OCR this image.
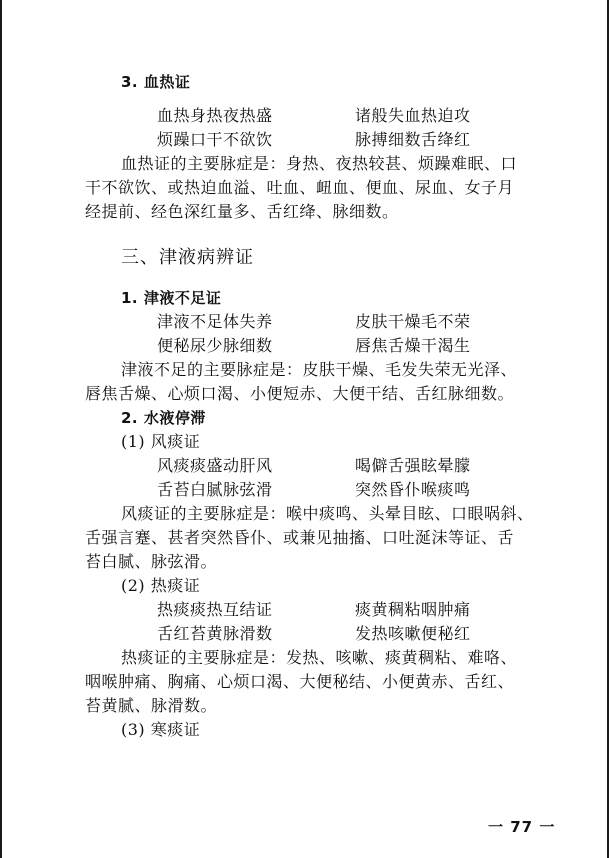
3. 血热证
血热身热夜热盛	诸般失血热迫攻
烦躁口干不欲饮	脉搏细数舌绛红
血热证的主要脉症是：身热、夜热较甚、烦躁难眠、口
干不欲饮、或热迫血溢、吐血、衄血、便血、尿血、女子月
经提前、经色深红量多、舌红绛、脉细数。
三、津液病辨证
1. 津液不足证
津液不足体失养	皮肤干燥毛不荣
便秘尿少脉细数	唇焦舌燥干渴生
津液不足的主要脉症是：皮肤干燥、毛发失荣无光泽、
唇焦舌燥、心烦口渴、小便短赤、大便干结、舌红脉细数。
2. 水液停滞
(1) 风痰证
风痰痰盛动肝风	喝僻舌强眩晕朦
舌苔白腻脉弦滑	突然昏仆喉痰鸣
风痰证的主要脉症是：喉中痰鸣、头晕目眩、口眼㖞斜、
舌强言蹇、甚者突然昏仆、或兼见抽搐、口吐涎沫等证、舌
苔白腻、脉弦滑。
(2) 热痰证
热痰痰热互结证	痰黄稠粘咽肿痛
舌红苔黄脉滑数	发热咳嗽便秘红
热痰证的主要脉症是：发热、咳嗽、痰黄稠粘、难咯、
咽喉肿痛、胸痛、心烦口渴、大便秘结、小便黄赤、舌红、
苔黄腻、脉滑数。
(3) 寒痰证
一 77 一
